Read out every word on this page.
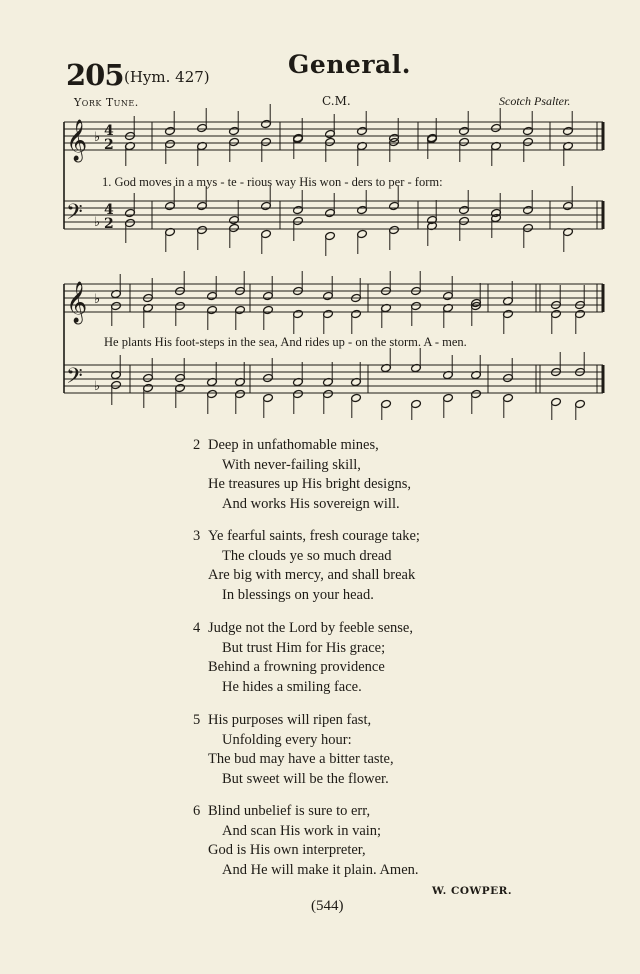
205 (Hym. 427)	General.
York Tune.	C.M.	Scotch Psalter.
𝄞
𝄢
♭
♭
4
2
4
2
𝄞
𝄢
♭
♭
1. God moves in a mys - te - rious way His won - ders to per - form:
He plants His foot-steps in the sea, And rides up - on the storm. A - men.
2 Deep in unfathomable mines,
With never-failing skill,
He treasures up His bright designs,
And works His sovereign will.
3 Ye fearful saints, fresh courage take;
The clouds ye so much dread
Are big with mercy, and shall break
In blessings on your head.
4 Judge not the Lord by feeble sense,
But trust Him for His grace;
Behind a frowning providence
He hides a smiling face.
5 His purposes will ripen fast,
Unfolding every hour:
The bud may have a bitter taste,
But sweet will be the flower.
6 Blind unbelief is sure to err,
And scan His work in vain;
God is His own interpreter,
And He will make it plain. Amen.
W. COWPER.
(544)
